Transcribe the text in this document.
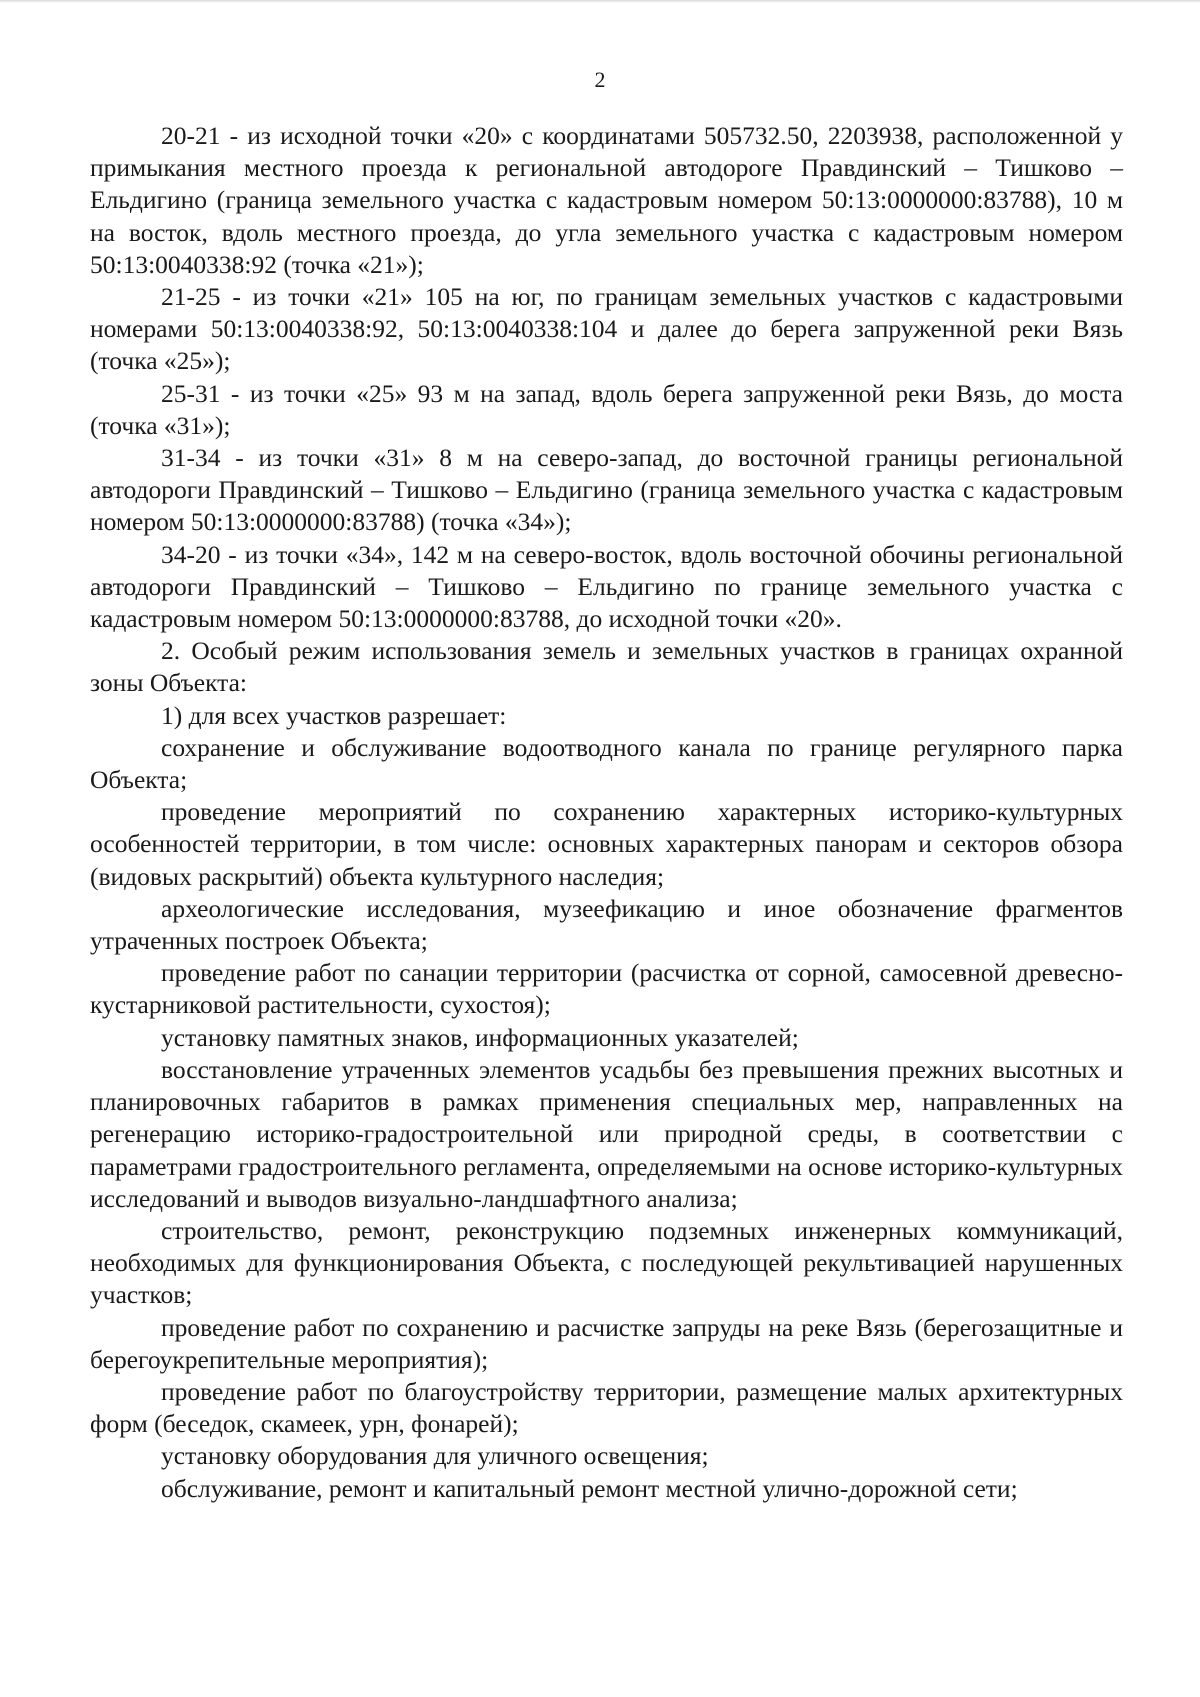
2

20-21 - из исходной точки «20» с координатами 505732.50, 2203938, расположенной у примыкания местного проезда к региональной автодороге Правдинский – Тишково – Ельдигино (граница земельного участка с кадастровым номером 50:13:0000000:83788), 10 м на восток, вдоль местного проезда, до угла земельного участка с кадастровым номером 50:13:0040338:92 (точка «21»);

21-25 - из точки «21» 105 на юг, по границам земельных участков с кадастровыми номерами 50:13:0040338:92, 50:13:0040338:104 и далее до берега запруженной реки Вязь (точка «25»);

25-31 - из точки «25» 93 м на запад, вдоль берега запруженной реки Вязь, до моста (точка «31»);

31-34 - из точки «31» 8 м на северо-запад, до восточной границы региональной автодороги Правдинский – Тишково – Ельдигино (граница земельного участка с кадастровым номером 50:13:0000000:83788) (точка «34»);

34-20 - из точки «34», 142 м на северо-восток, вдоль восточной обочины региональной автодороги Правдинский – Тишково – Ельдигино по границе земельного участка с кадастровым номером 50:13:0000000:83788, до исходной точки «20».

2. Особый режим использования земель и земельных участков в границах охранной зоны Объекта:

1) для всех участков разрешает:

сохранение и обслуживание водоотводного канала по границе регулярного парка Объекта;

проведение мероприятий по сохранению характерных историко-культурных особенностей территории, в том числе: основных характерных панорам и секторов обзора (видовых раскрытий) объекта культурного наследия;

археологические исследования, музеефикацию и иное обозначение фрагментов утраченных построек Объекта;

проведение работ по санации территории (расчистка от сорной, самосевной древесно-кустарниковой растительности, сухостоя);

установку памятных знаков, информационных указателей;

восстановление утраченных элементов усадьбы без превышения прежних высотных и планировочных габаритов в рамках применения специальных мер, направленных на регенерацию историко-градостроительной или природной среды, в соответствии с параметрами градостроительного регламента, определяемыми на основе историко-культурных исследований и выводов визуально-ландшафтного анализа;

строительство, ремонт, реконструкцию подземных инженерных коммуникаций, необходимых для функционирования Объекта, с последующей рекультивацией нарушенных участков;

проведение работ по сохранению и расчистке запруды на реке Вязь (берегозащитные и берегоукрепительные мероприятия);

проведение работ по благоустройству территории, размещение малых архитектурных форм (беседок, скамеек, урн, фонарей);

установку оборудования для уличного освещения;

обслуживание, ремонт и капитальный ремонт местной улично-дорожной сети;
